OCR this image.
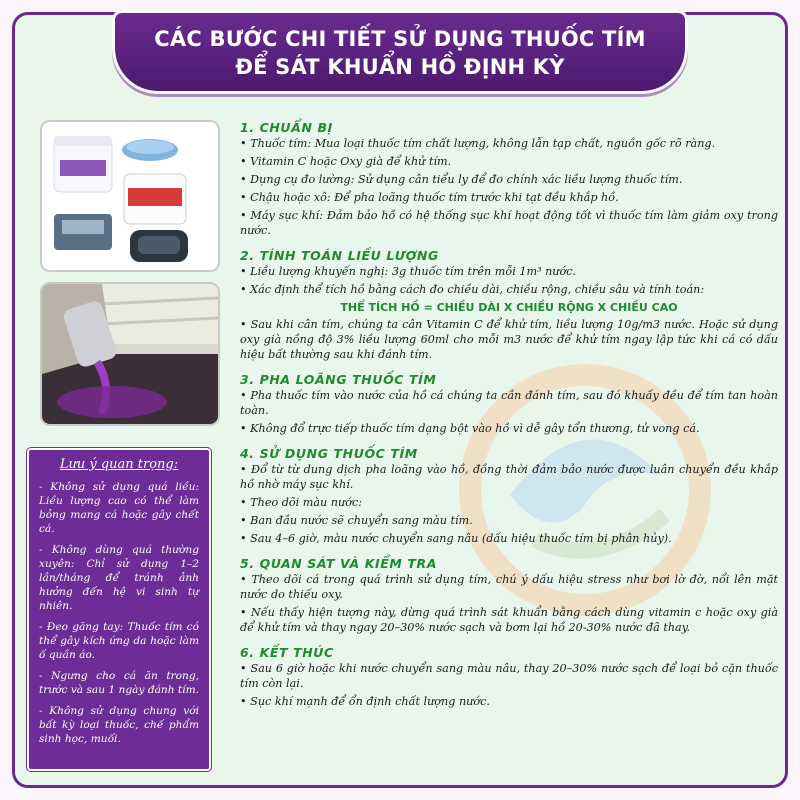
CÁC BƯỚC CHI TIẾT SỬ DỤNG THUỐC TÍM
ĐỂ SÁT KHUẨN HỒ ĐỊNH KỲ
Lưu ý quan trọng:
- Không sử dụng quá liều: Liều lượng cao có thể làm bỏng mang cá hoặc gây chết cá.
- Không dùng quá thường xuyên: Chỉ sử dụng 1–2 lần/tháng để tránh ảnh hưởng đến hệ vi sinh tự nhiên.
- Đeo găng tay: Thuốc tím có thể gây kích ứng da hoặc làm ố quần áo.
- Ngưng cho cá ăn trong, trước và sau 1 ngày đánh tím.
- Không sử dụng chung với bất kỳ loại thuốc, chế phẩm sinh học, muối.
1. CHUẨN BỊ
• Thuốc tím: Mua loại thuốc tím chất lượng, không lẫn tạp chất, nguồn gốc rõ ràng.
• Vitamin C hoặc Oxy già để khử tím.
• Dụng cụ đo lường: Sử dụng cân tiểu ly để đo chính xác liều lượng thuốc tím.
• Chậu hoặc xô: Để pha loãng thuốc tím trước khi tạt đều khắp hồ.
• Máy sục khí: Đảm bảo hồ có hệ thống sục khí hoạt động tốt vì thuốc tím làm giảm oxy trong nước.
2. TÍNH TOÁN LIỀU LƯỢNG
• Liều lượng khuyến nghị: 3g thuốc tím trên mỗi 1m³ nước.
• Xác định thể tích hồ bằng cách đo chiều dài, chiều rộng, chiều sâu và tính toán:
THỂ TÍCH HỒ = CHIỀU DÀI X CHIỀU RỘNG X CHIỀU CAO
• Sau khi cân tím, chúng ta cân Vitamin C để khử tím, liều lượng 10g/m3 nước. Hoặc sử dụng oxy già nồng độ 3% liều lượng 60ml cho mỗi m3 nước để khử tím ngay lập tức khi cá có dấu hiệu bất thường sau khi đánh tím.
3. PHA LOÃNG THUỐC TÍM
• Pha thuốc tím vào nước của hồ cá chúng ta cần đánh tím, sau đó khuấy đều để tím tan hoàn toàn.
• Không đổ trực tiếp thuốc tím dạng bột vào hồ vì dễ gây tổn thương, tử vong cá.
4. SỬ DỤNG THUỐC TÍM
• Đổ từ từ dung dịch pha loãng vào hồ, đồng thời đảm bảo nước được luân chuyển đều khắp hồ nhờ máy sục khí.
• Theo dõi màu nước:
• Ban đầu nước sẽ chuyển sang màu tím.
• Sau 4–6 giờ, màu nước chuyển sang nâu (dấu hiệu thuốc tím bị phân hủy).
5. QUAN SÁT VÀ KIỂM TRA
• Theo dõi cá trong quá trình sử dụng tím, chú ý dấu hiệu stress như bơi lờ đờ, nổi lên mặt nước do thiếu oxy.
• Nếu thấy hiện tượng này, dừng quá trình sát khuẩn bằng cách dùng vitamin c hoặc oxy già để khử tím và thay ngay 20–30% nước sạch và bơm lại hồ 20-30% nước đã thay.
6. KẾT THÚC
• Sau 6 giờ hoặc khi nước chuyển sang màu nâu, thay 20–30% nước sạch để loại bỏ cặn thuốc tím còn lại.
• Sục khí mạnh để ổn định chất lượng nước.
